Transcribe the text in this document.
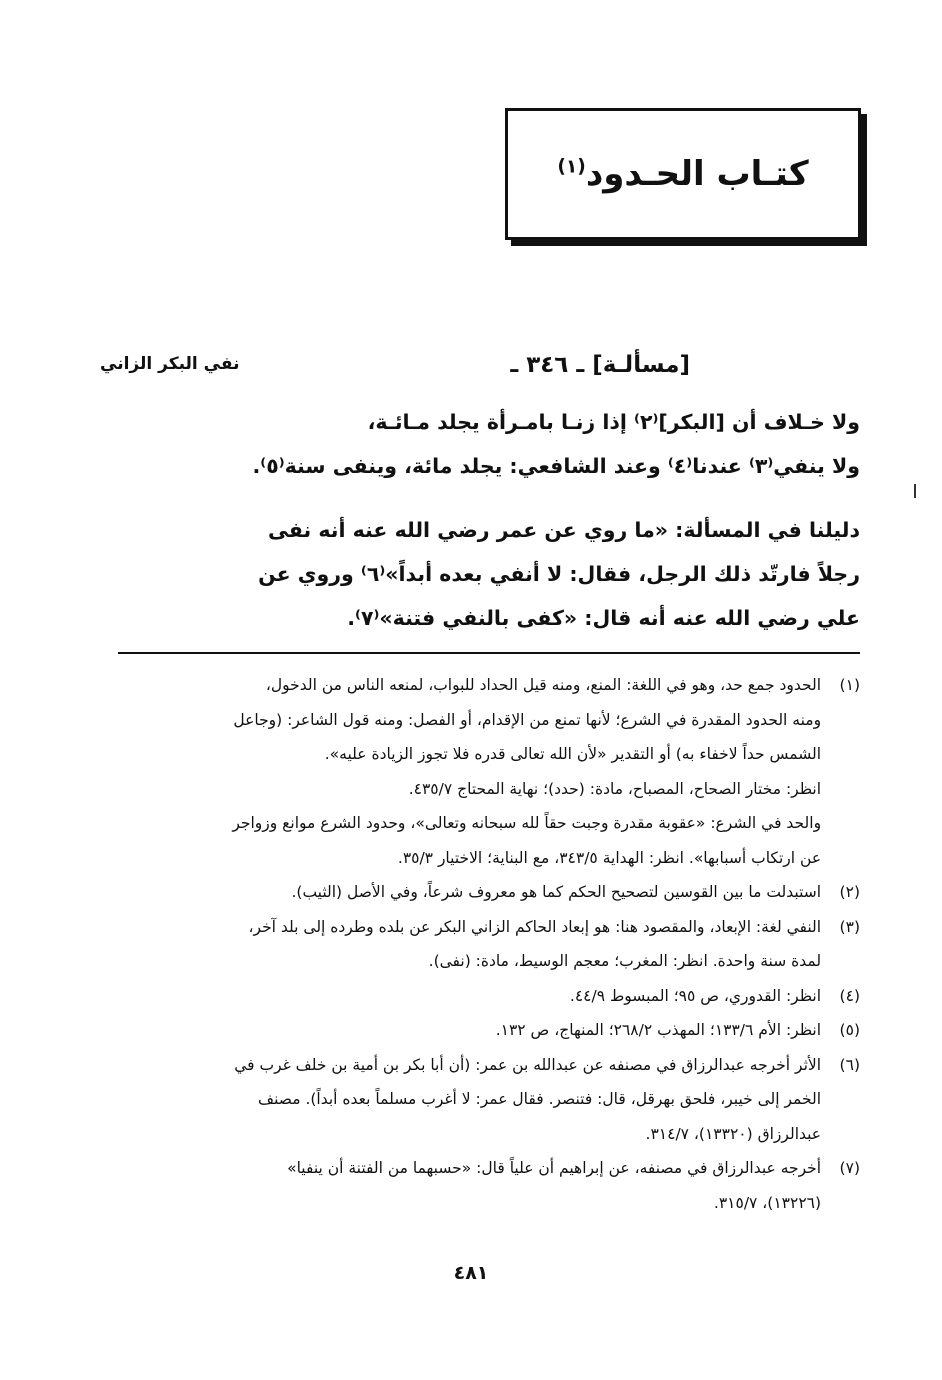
كتـاب الحـدود$^{(١)}$
[مسألـة] ـ ٣٤٦ ـ
نفي البكر الزاني
ولا خـلاف أن [البكر]⁽٢⁾ إذا زنـا بامـرأة يجلد مـائـة،
ولا ينفي⁽٣⁾ عندنا⁽٤⁾ وعند الشافعي: يجلد مائة، وينفى سنة⁽٥⁾.
دليلنا في المسألة: «ما روي عن عمر رضي الله عنه أنه نفى
رجلاً فارتّد ذلك الرجل، فقال: لا أنفي بعده أبداً»⁽٦⁾ وروي عن
علي رضي الله عنه أنه قال: «كفى بالنفي فتنة»⁽٧⁾.
(١) الحدود جمع حد، وهو في اللغة: المنع، ومنه قيل الحداد للبواب، لمنعه الناس من الدخول،
ومنه الحدود المقدرة في الشرع؛ لأنها تمنع من الإقدام، أو الفصل: ومنه قول الشاعر: (وجاعل
الشمس حداً لاخفاء به) أو التقدير «لأن الله تعالى قدره فلا تجوز الزيادة عليه».
انظر: مختار الصحاح، المصباح، مادة: (حدد)؛ نهاية المحتاج ٤٣٥/٧.
والحد في الشرع: «عقوبة مقدرة وجبت حقاً لله سبحانه وتعالى»، وحدود الشرع موانع وزواجر
عن ارتكاب أسبابها». انظر: الهداية ٣٤٣/٥، مع البناية؛ الاختيار ٣٥/٣.
(٢) استبدلت ما بين القوسين لتصحيح الحكم كما هو معروف شرعاً، وفي الأصل (الثيب).
(٣) النفي لغة: الإبعاد، والمقصود هنا: هو إبعاد الحاكم الزاني البكر عن بلده وطرده إلى بلد آخر،
لمدة سنة واحدة. انظر: المغرب؛ معجم الوسيط، مادة: (نفى).
(٤) انظر: القدوري، ص ٩٥؛ المبسوط ٤٤/٩.
(٥) انظر: الأم ١٣٣/٦؛ المهذب ٢٦٨/٢؛ المنهاج، ص ١٣٢.
(٦) الأثر أخرجه عبدالرزاق في مصنفه عن عبدالله بن عمر: (أن أبا بكر بن أمية بن خلف غرب في
الخمر إلى خيبر، فلحق بهرقل، قال: فتنصر. فقال عمر: لا أغرب مسلماً بعده أبداً). مصنف
عبدالرزاق (١٣٣٢٠)، ٣١٤/٧.
(٧) أخرجه عبدالرزاق في مصنفه، عن إبراهيم أن علياً قال: «حسبهما من الفتنة أن ينفيا»
(١٣٢٢٦)، ٣١٥/٧.
٤٨١
